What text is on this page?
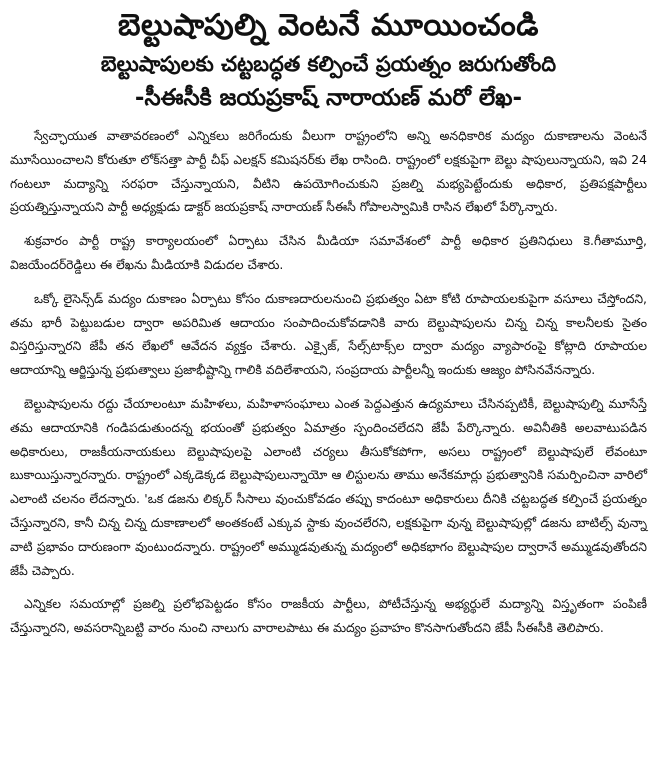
బెల్టుషాపుల్ని వెంటనే మూయించండి
బెల్టుషాపులకు చట్టబద్ధత కల్పించే ప్రయత్నం జరుగుతోంది
-సీఈసీకి జయప్రకాష్ నారాయణ్ మరో లేఖ-

స్వేచ్ఛాయుత వాతావరణంలో ఎన్నికలు జరిగేందుకు వీలుగా రాష్ట్రంలోని అన్ని అనధికారిక మద్యం దుకాణాలను వెంటనే మూసేయించాలని కోరుతూ లోక్‌సత్తా పార్టీ చీఫ్ ఎలక్షన్ కమిషనర్‌కు లేఖ రాసింది. రాష్ట్రంలో లక్షకుపైగా బెల్టు షాపులున్నాయని, ఇవి 24 గంటలూ మద్యాన్ని సరఫరా చేస్తున్నాయని, వీటిని ఉపయోగించుకుని ప్రజల్ని మభ్యపెట్టేందుకు అధికార, ప్రతిపక్షపార్టీలు ప్రయత్నిస్తున్నాయని పార్టీ అధ్యక్షుడు డాక్టర్ జయప్రకాష్ నారాయణ్ సీఈసీ గోపాలస్వామికి రాసిన లేఖలో పేర్కొన్నారు.

శుక్రవారం పార్టీ రాష్ట్ర కార్యాలయంలో ఏర్పాటు చేసిన మీడియా సమావేశంలో పార్టీ అధికార ప్రతినిధులు కె.గీతామూర్తి, విజయేందర్‌రెడ్డిలు ఈ లేఖను మీడియాకి విడుదల చేశారు.

ఒక్కో లైసెన్స్‌డ్ మద్యం దుకాణం ఏర్పాటు కోసం దుకాణదారులనుంచి ప్రభుత్వం ఏటా కోటి రూపాయలకుపైగా వసూలు చేస్తోందని, తమ భారీ పెట్టుబడుల ద్వారా అపరిమిత ఆదాయం సంపాదించుకోవడానికి వారు బెల్టుషాపులను చిన్న చిన్న కాలనీలకు సైతం విస్తరిస్తున్నారని జేపీ తన లేఖలో ఆవేదన వ్యక్తం చేశారు. ఎక్సైజ్, సేల్స్‌టాక్స్‌ల ద్వారా మద్యం వ్యాపారంపై కోట్లాది రూపాయల ఆదాయాన్ని ఆర్జిస్తున్న ప్రభుత్వాలు ప్రజాభీష్టాన్ని గాలికి వదిలేశాయని, సంప్రదాయ పార్టీలన్నీ ఇందుకు ఆజ్యం పోసినవేనన్నారు.

బెల్టుషాపులను రద్దు చేయాలంటూ మహిళలు, మహిళాసంఘాలు ఎంత పెద్దఎత్తున ఉద్యమాలు చేసినప్పటికీ, బెల్టుషాపుల్ని మూసేస్తే తమ ఆదాయానికి గండిపడుతుందన్న భయంతో ప్రభుత్వం ఏమాత్రం స్పందించలేదని జేపీ పేర్కొన్నారు. అవినీతికి అలవాటుపడిన అధికారులు, రాజకీయనాయకులు బెల్టుషాపులపై ఎలాంటి చర్యలు తీసుకోకపోగా, అసలు రాష్ట్రంలో బెల్టుషాపులే లేవంటూ బుకాయిస్తున్నారన్నారు. రాష్ట్రంలో ఎక్కడెక్కడ బెల్టుషాపులున్నాయో ఆ లిస్టులను తాము అనేకమార్లు ప్రభుత్వానికి సమర్పించినా వారిలో ఎలాంటి చలనం లేదన్నారు. 'ఒక డజను లిక్కర్ సీసాలు వుంచుకోవడం తప్పు కాదంటూ అధికారులు దీనికి చట్టబద్ధత కల్పించే ప్రయత్నం చేస్తున్నారని, కానీ చిన్న చిన్న దుకాణాలలో అంతకంటే ఎక్కువ స్టాకు వుంచలేరని, లక్షకుపైగా వున్న బెల్టుషాపుల్లో డజను బాటిల్స్ వున్నా వాటి ప్రభావం దారుణంగా వుంటుందన్నారు. రాష్ట్రంలో అమ్ముడవుతున్న మద్యంలో అధికభాగం బెల్టుషాపుల ద్వారానే అమ్ముడవుతోందని జేపీ చెప్పారు.

ఎన్నికల సమయాల్లో ప్రజల్ని ప్రలోభపెట్టడం కోసం రాజకీయ పార్టీలు, పోటీచేస్తున్న అభ్యర్థులే మద్యాన్ని విస్తృతంగా పంపిణీ చేస్తున్నారని, అవసరాన్నిబట్టి వారం నుంచి నాలుగు వారాలపాటు ఈ మద్యం ప్రవాహం కొనసాగుతోందని జేపీ సీఈసీకి తెలిపారు.
